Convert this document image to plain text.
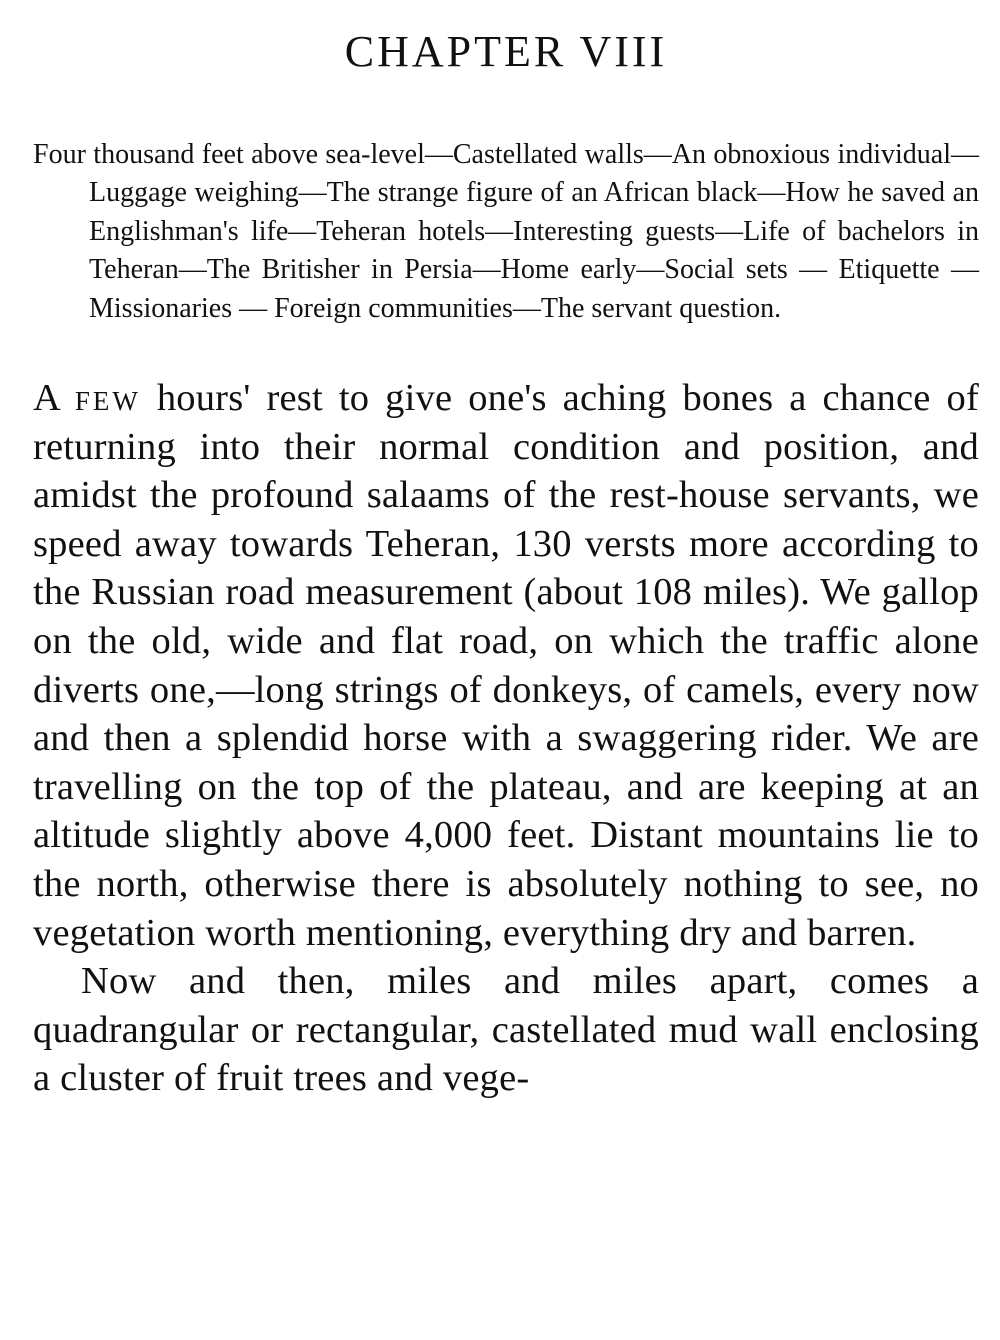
CHAPTER VIII

Four thousand feet above sea-level—Castellated walls—An obnoxious individual—Luggage weighing—The strange figure of an African black—How he saved an Englishman's life—Teheran hotels—Interesting guests—Life of bachelors in Teheran—The Britisher in Persia—Home early—Social sets — Etiquette — Missionaries — Foreign communities—The servant question.

A few hours' rest to give one's aching bones a chance of returning into their normal condition and position, and amidst the profound salaams of the rest-house servants, we speed away towards Teheran, 130 versts more according to the Russian road measurement (about 108 miles). We gallop on the old, wide and flat road, on which the traffic alone diverts one,—long strings of donkeys, of camels, every now and then a splendid horse with a swaggering rider. We are travelling on the top of the plateau, and are keeping at an altitude slightly above 4,000 feet. Distant mountains lie to the north, otherwise there is absolutely nothing to see, no vegetation worth mentioning, everything dry and barren.

Now and then, miles and miles apart, comes a quadrangular or rectangular, castellated mud wall enclosing a cluster of fruit trees and vege-
